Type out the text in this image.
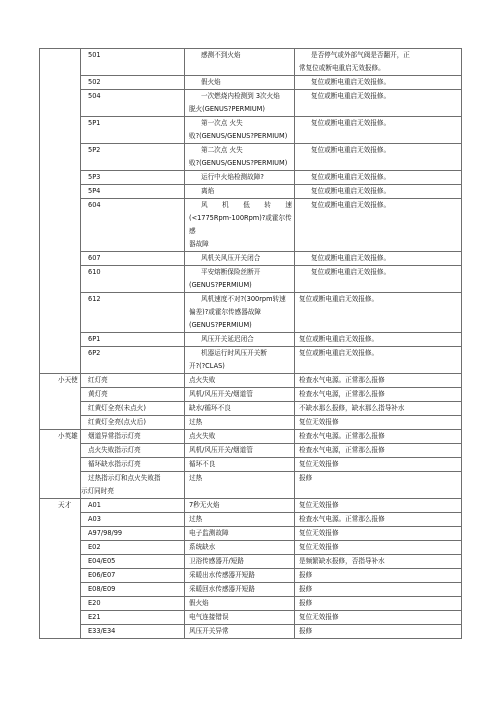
	501	感测不到火焰	是否停气或外部气阀是否翻开，正
常复位或断电重启无效报修。

	502	假火焰	复位或断电重启无效报修。

	504	一次燃烧内检测到 3次火焰
脱火(GENUS?PERMIUM)	复位或断电重启无效报修。

	5P1	第一次点 火失
败?(GENUS/GENUS?PERMIUM)	复位或断电重启无效报修。

	5P2	第二次点 火失
败?(GENUS/GENUS?PERMIUM)	复位或断电重启无效报修。

	5P3	运行中火焰检测故障?	复位或断电重启无效报修。

	5P4	离焰	复位或断电重启无效报修。

	604	风 机 低 转 速
(<1775Rpm-100Rpm)?或霍尔传感
器故障	复位或断电重启无效报修。

	607	风机关风压开关闭合	复位或断电重启无效报修。

	610	平安熔断保险丝断开
(GENUS?PERMIUM)	复位或断电重启无效报修。

	612	风机速度不对?(300rpm转速
偏差)?或霍尔传感器故障
(GENUS?PERMIUM)	复位或断电重启无效报修。

	6P1	风压开关延迟闭合	复位或断电重启无效报修。

	6P2	机器运行时风压开关断
开?(?CLAS)	复位或断电重启无效报修。

小天使	红灯亮	点火失败	检查水气电源。正常那么报修

	黄灯亮	风机/风压开关/烟道管	检查水气电源，正常那么报修

	红黄灯全亮(未点火)	缺水/循环不良	不缺水那么报修，缺水那么指导补水

	红黄灯全亮(点火后)	过热	复位无效报修

小英雄	烟道异常指示灯亮	点火失败	检查水气电源。正常那么报修

	点火失败指示灯亮	风机/风压开关/烟道管	检查水气电源，正常那么报修

	循环缺水指示灯亮	循环不良	复位无效报修

	过热指示灯和点火失败指
示灯同时亮	过热	报修

天才	A01	7秒无火焰	复位无效报修

	A03	过热	检查水气电源。正常那么报修

	A97/98/99	电子监测故障	复位无效报修

	E02	系统缺水	复位无效报修

	E04/E05	卫浴传感器开/短路	是频繁缺水报修，否指导补水

	E06/E07	采暖出水传感器开短路	报修

	E08/E09	采暖回水传感器开短路	报修

	E20	假火焰	报修

	E21	电气连接错误	复位无效报修

	E33/E34	风压开关异常	报修
